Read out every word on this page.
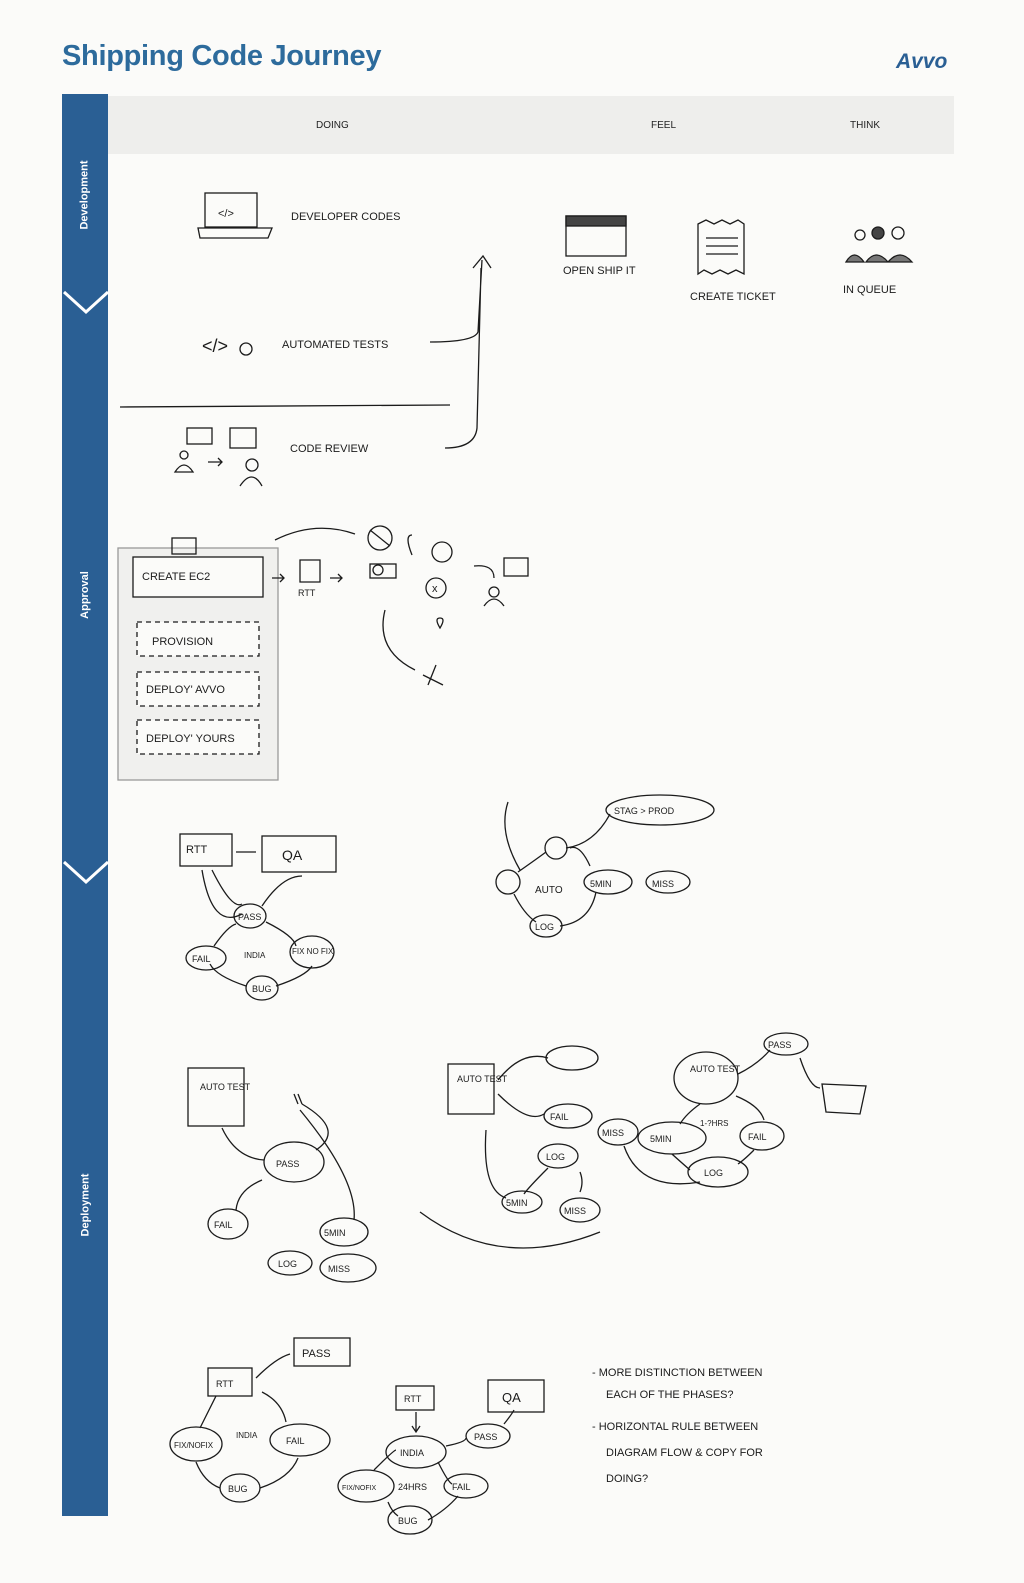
Shipping Code Journey	Avvo
Development
Approval
Deployment
DOING	FEEL	THINK
</>	DEVELOPER CODES
</>	AUTOMATED TESTS
CODE REVIEW
OPEN SHIP IT
CREATE TICKET
IN QUEUE
CREATE EC2
PROVISION
DEPLOY' AVVO
DEPLOY' YOURS
RTT	x
RTT	QA
PASS
FAIL	INDIA	FIX NO FIX
BUG
AUTO
5MIN	MISS
LOG
STAG > PROD
AUTO TEST
PASS
FAIL
5MIN
LOG	MISS
AUTO TEST
FAIL
LOG
5MIN
MISS
AUTO TEST
PASS
1-?HRS
MISS
5MIN	FAIL
LOG
RTT
PASS
FIX/NOFIX
INDIA
FAIL
BUG
RTT	QA
INDIA
PASS
FIX/NOFIX 24HRS	FAIL
BUG
- MORE DISTINCTION BETWEEN
EACH OF THE PHASES?
- HORIZONTAL RULE BETWEEN
DIAGRAM FLOW & COPY FOR
DOING?
